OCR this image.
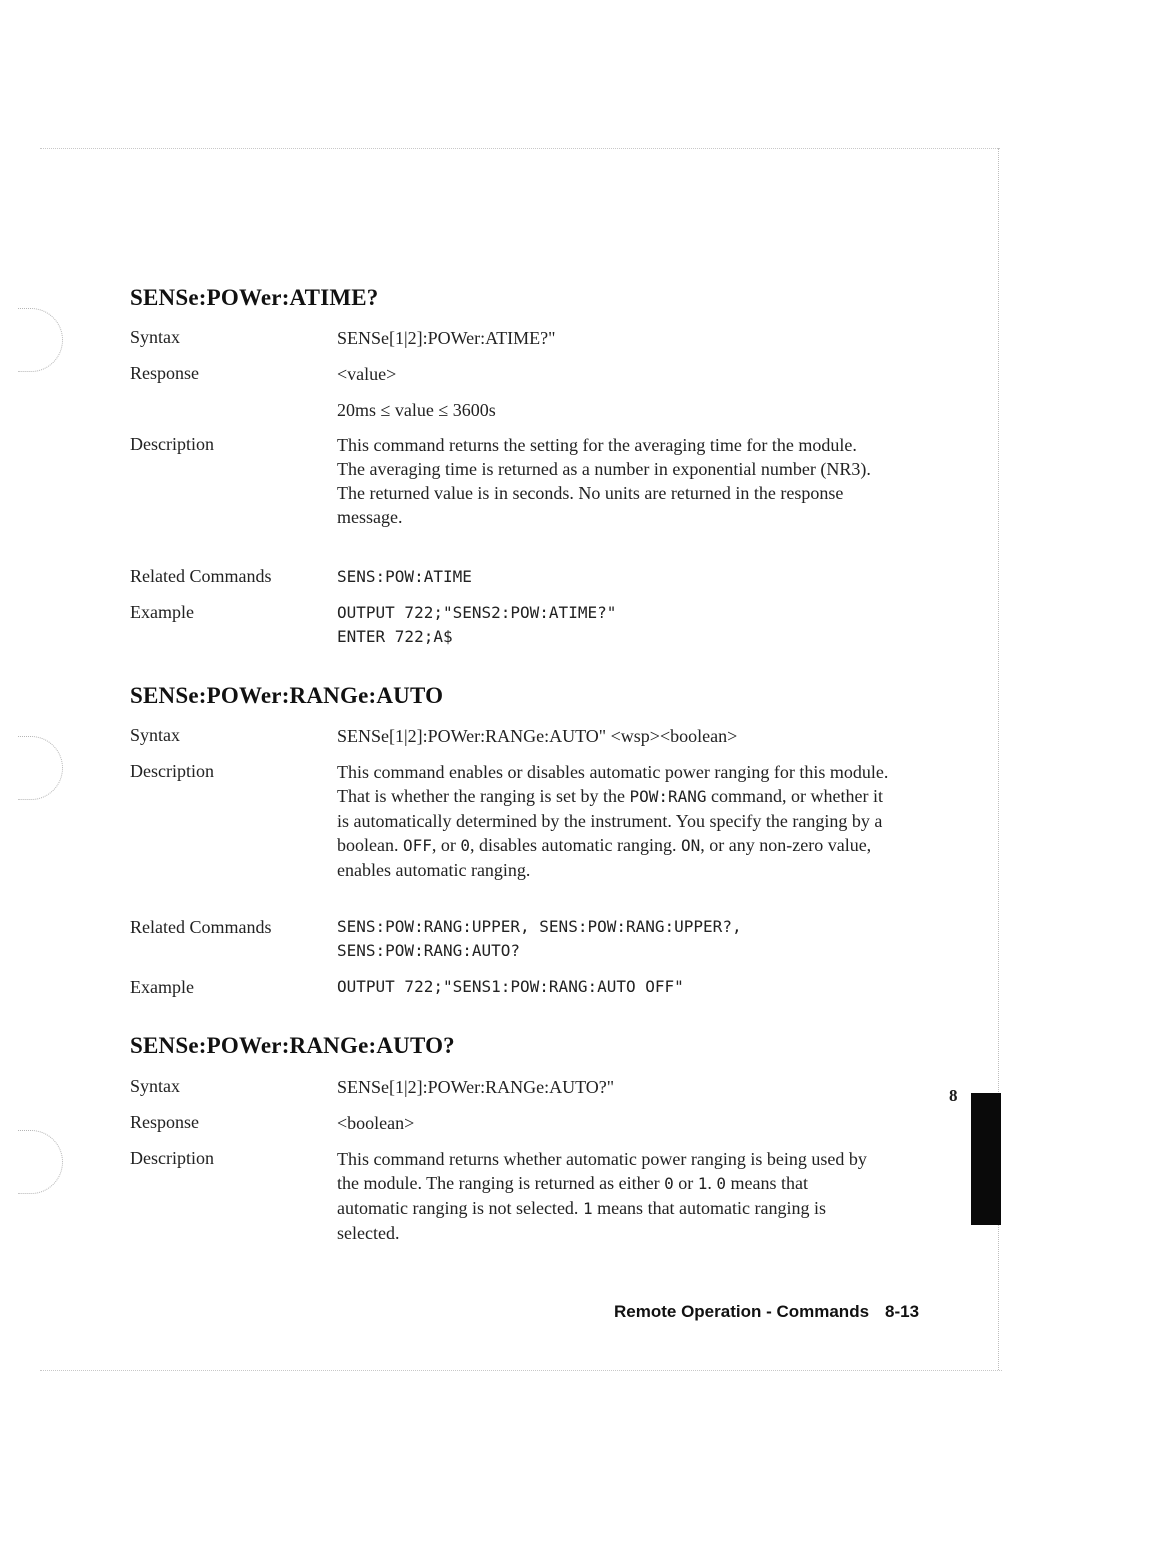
SENSe:POWer:ATIME?
Syntax	SENSe[1|2]:POWer:ATIME?"
Response	<value>
20ms ≤ value ≤ 3600s
Description	This command returns the setting for the averaging time for the module. The averaging time is returned as a number in exponential number (NR3). The returned value is in seconds. No units are returned in the response message.
Related Commands	SENS:POW:ATIME
Example	OUTPUT 722;"SENS2:POW:ATIME?"
ENTER 722;A$
SENSe:POWer:RANGe:AUTO
Syntax	SENSe[1|2]:POWer:RANGe:AUTO" <wsp><boolean>
Description	This command enables or disables automatic power ranging for this module. That is whether the ranging is set by the POW:RANG command, or whether it is automatically determined by the instrument. You specify the ranging by a boolean. OFF, or 0, disables automatic ranging. ON, or any non-zero value, enables automatic ranging.
Related Commands	SENS:POW:RANG:UPPER, SENS:POW:RANG:UPPER?,
SENS:POW:RANG:AUTO?
Example	OUTPUT 722;"SENS1:POW:RANG:AUTO OFF"
SENSe:POWer:RANGe:AUTO?
Syntax	SENSe[1|2]:POWer:RANGe:AUTO?"
Response	<boolean>
Description	This command returns whether automatic power ranging is being used by the module. The ranging is returned as either 0 or 1. 0 means that automatic ranging is not selected. 1 means that automatic ranging is selected.
8
Remote Operation - Commands 8-13
